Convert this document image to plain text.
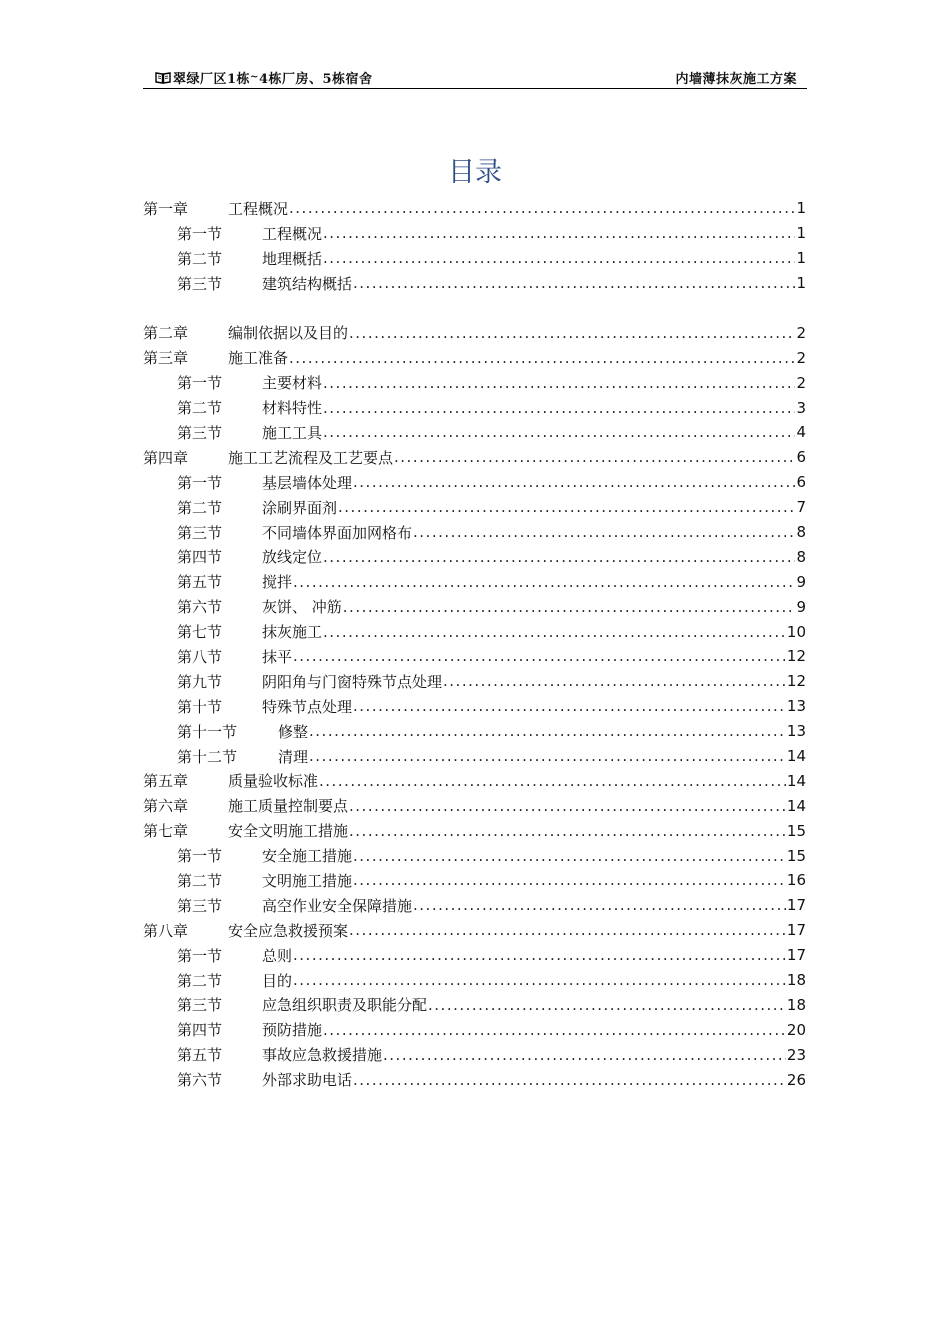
翠绿厂区1栋 ~ 4栋厂房、5栋宿舍	内墙薄抹灰施工方案
目录
第一章	工程概况 .....	1
第一节	工程概况 .....	1
第二节	地理概括 .....	1
第三节	建筑结构概括 .....	1
第二章	编制依据以及目的 .....	2
第三章	施工准备 .....	2
第一节	主要材料 .....	2
第二节	材料特性 .....	3
第三节	施工工具 .....	4
第四章	施工工艺流程及工艺要点 .....	6
第一节	基层墙体处理 .....	6
第二节	涂刷界面剂 .....	7
第三节	不同墙体界面加网格布 .....	8
第四节	放线定位 .....	8
第五节	搅拌 .....	9
第六节	灰饼、 冲筋 .....	9
第七节	抹灰施工 .....	10
第八节	抹平 .....	12
第九节	阴阳角与门窗特殊节点处理 .....	12
第十节	特殊节点处理 .....	13
第十一节	修整 .....	13
第十二节	清理 .....	14
第五章	质量验收标准 .....	14
第六章	施工质量控制要点 .....	14
第七章	安全文明施工措施 .....	15
第一节	安全施工措施 .....	15
第二节	文明施工措施 .....	16
第三节	高空作业安全保障措施 .....	17
第八章	安全应急救援预案 .....	17
第一节	总则 .....	17
第二节	目的 .....	18
第三节	应急组织职责及职能分配 .....	18
第四节	预防措施 .....	20
第五节	事故应急救援措施 .....	23
第六节	外部求助电话 .....	26
